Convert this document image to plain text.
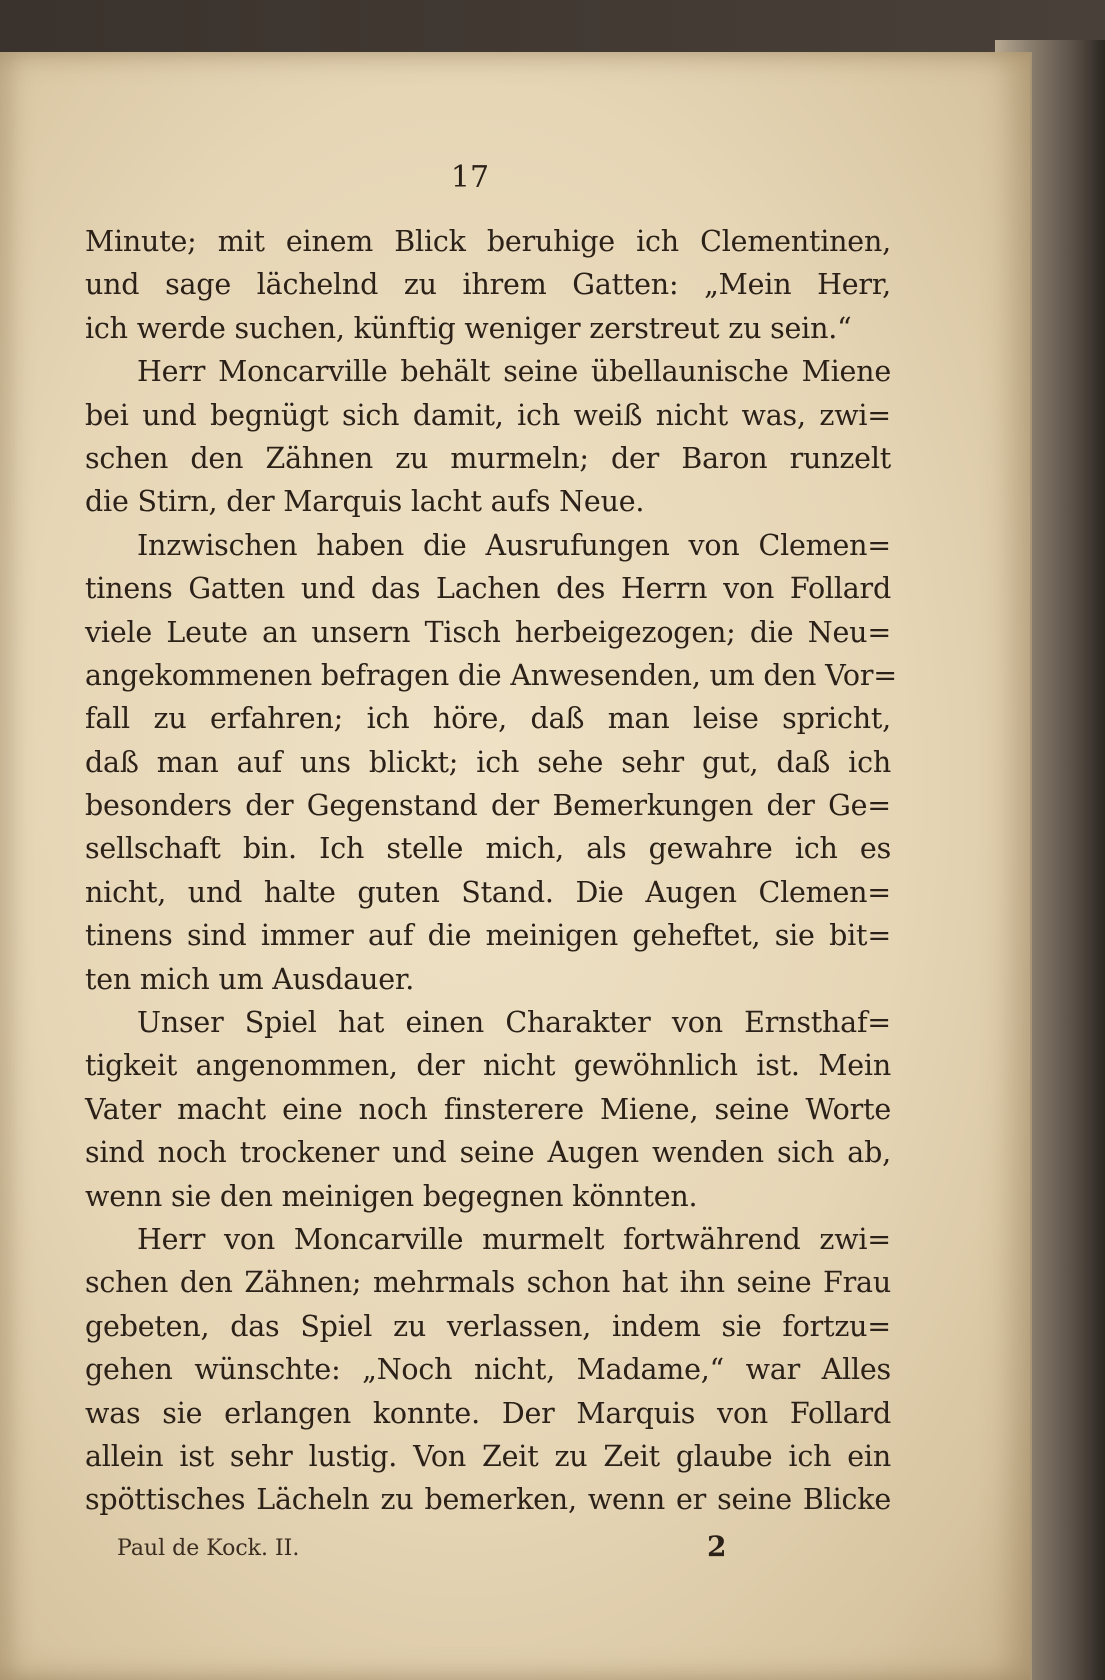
17
Minute; mit einem Blick beruhige ich Clementinen,
und sage lächelnd zu ihrem Gatten: „Mein Herr,
ich werde suchen, künftig weniger zerstreut zu sein.“
Herr Moncarville behält seine übellaunische Miene
bei und begnügt sich damit, ich weiß nicht was, zwi=
schen den Zähnen zu murmeln; der Baron runzelt
die Stirn, der Marquis lacht aufs Neue.
Inzwischen haben die Ausrufungen von Clemen=
tinens Gatten und das Lachen des Herrn von Follard
viele Leute an unsern Tisch herbeigezogen; die Neu=
angekommenen befragen die Anwesenden, um den Vor=
fall zu erfahren; ich höre, daß man leise spricht,
daß man auf uns blickt; ich sehe sehr gut, daß ich
besonders der Gegenstand der Bemerkungen der Ge=
sellschaft bin. Ich stelle mich, als gewahre ich es
nicht, und halte guten Stand. Die Augen Clemen=
tinens sind immer auf die meinigen geheftet, sie bit=
ten mich um Ausdauer.
Unser Spiel hat einen Charakter von Ernsthaf=
tigkeit angenommen, der nicht gewöhnlich ist. Mein
Vater macht eine noch finsterere Miene, seine Worte
sind noch trockener und seine Augen wenden sich ab,
wenn sie den meinigen begegnen könnten.
Herr von Moncarville murmelt fortwährend zwi=
schen den Zähnen; mehrmals schon hat ihn seine Frau
gebeten, das Spiel zu verlassen, indem sie fortzu=
gehen wünschte: „Noch nicht, Madame,“ war Alles
was sie erlangen konnte. Der Marquis von Follard
allein ist sehr lustig. Von Zeit zu Zeit glaube ich ein
spöttisches Lächeln zu bemerken, wenn er seine Blicke
Paul de Kock. II.	2
